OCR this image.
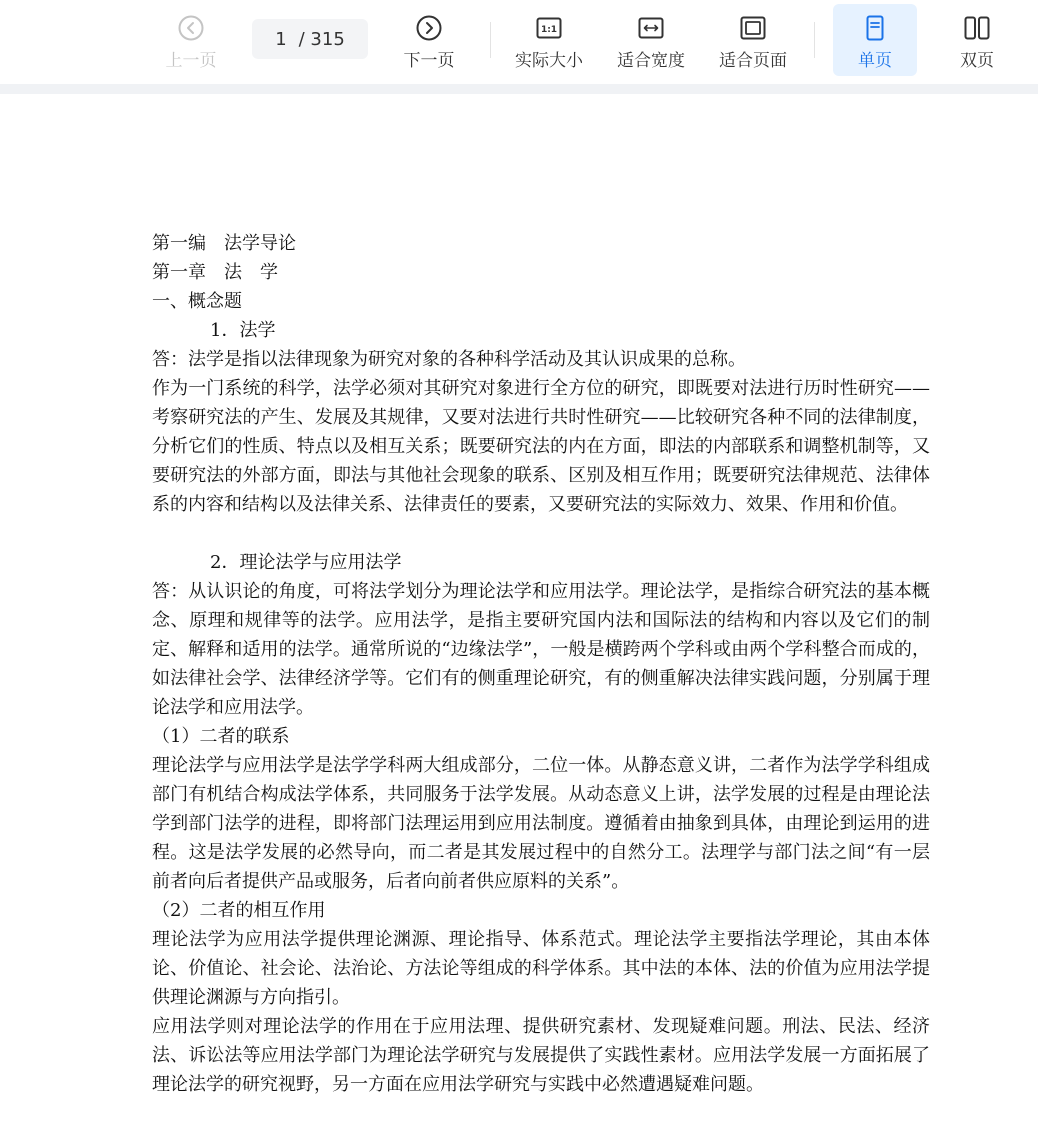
上一页
1 / 315
下一页
1:1
实际大小 适合宽度 适合页面	单页	双页

第一编　法学导论

第一章　法　学

一、概念题

1．法学

答：法学是指以法律现象为研究对象的各种科学活动及其认识成果的总称。

作为一门系统的科学，法学必须对其研究对象进行全方位的研究，即既要对法进行历时性研究——考察研究法的产生、发展及其规律，又要对法进行共时性研究——比较研究各种不同的法律制度，分析它们的性质、特点以及相互关系；既要研究法的内在方面，即法的内部联系和调整机制等，又要研究法的外部方面，即法与其他社会现象的联系、区别及相互作用；既要研究法律规范、法律体系的内容和结构以及法律关系、法律责任的要素，又要研究法的实际效力、效果、作用和价值。

2．理论法学与应用法学

答：从认识论的角度，可将法学划分为理论法学和应用法学。理论法学，是指综合研究法的基本概念、原理和规律等的法学。应用法学，是指主要研究国内法和国际法的结构和内容以及它们的制定、解释和适用的法学。通常所说的“边缘法学”，一般是横跨两个学科或由两个学科整合而成的，如法律社会学、法律经济学等。它们有的侧重理论研究，有的侧重解决法律实践问题，分别属于理论法学和应用法学。

（1）二者的联系

理论法学与应用法学是法学学科两大组成部分，二位一体。从静态意义讲，二者作为法学学科组成部门有机结合构成法学体系，共同服务于法学发展。从动态意义上讲，法学发展的过程是由理论法学到部门法学的进程，即将部门法理运用到应用法制度。遵循着由抽象到具体，由理论到运用的进程。这是法学发展的必然导向，而二者是其发展过程中的自然分工。法理学与部门法之间“有一层前者向后者提供产品或服务，后者向前者供应原料的关系”。

（2）二者的相互作用

理论法学为应用法学提供理论渊源、理论指导、体系范式。理论法学主要指法学理论，其由本体论、价值论、社会论、法治论、方法论等组成的科学体系。其中法的本体、法的价值为应用法学提供理论渊源与方向指引。

应用法学则对理论法学的作用在于应用法理、提供研究素材、发现疑难问题。刑法、民法、经济法、诉讼法等应用法学部门为理论法学研究与发展提供了实践性素材。应用法学发展一方面拓展了理论法学的研究视野，另一方面在应用法学研究与实践中必然遭遇疑难问题。
